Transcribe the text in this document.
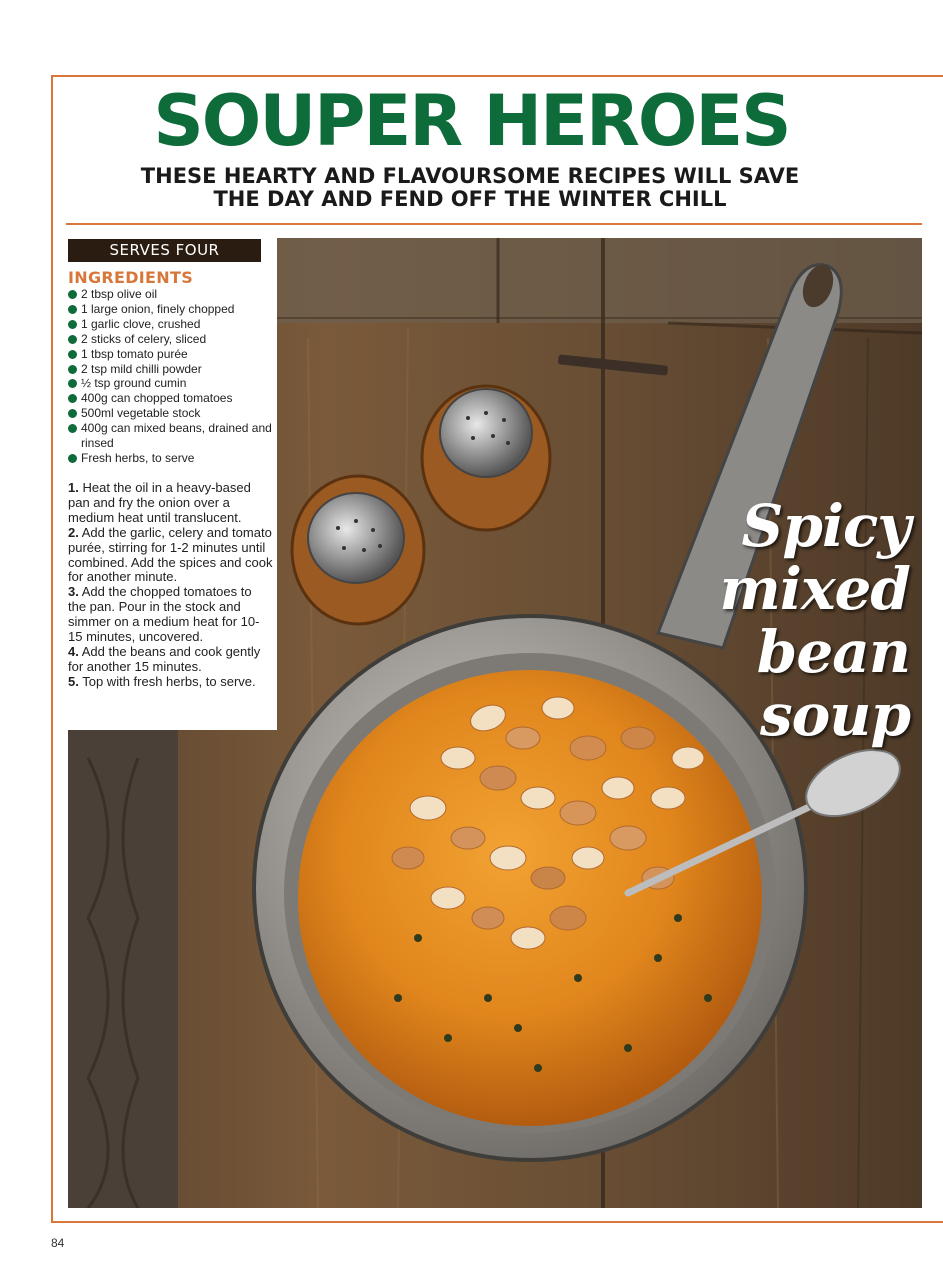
SOUPER HEROES
THESE HEARTY AND FLAVOURSOME RECIPES WILL SAVE THE DAY AND FEND OFF THE WINTER CHILL
SERVES FOUR
INGREDIENTS
2 tbsp olive oil
1 large onion, finely chopped
1 garlic clove, crushed
2 sticks of celery, sliced
1 tbsp tomato purée
2 tsp mild chilli powder
½ tsp ground cumin
400g can chopped tomatoes
500ml vegetable stock
400g can mixed beans, drained and rinsed
Fresh herbs, to serve

1. Heat the oil in a heavy-based pan and fry the onion over a medium heat until translucent.

2. Add the garlic, celery and tomato purée, stirring for 1-2 minutes until combined. Add the spices and cook for another minute.

3. Add the chopped tomatoes to the pan. Pour in the stock and simmer on a medium heat for 10-15 minutes, uncovered.

4. Add the beans and cook gently for another 15 minutes.

5. Top with fresh herbs, to serve.

Spicy
mixed
bean
soup
84
